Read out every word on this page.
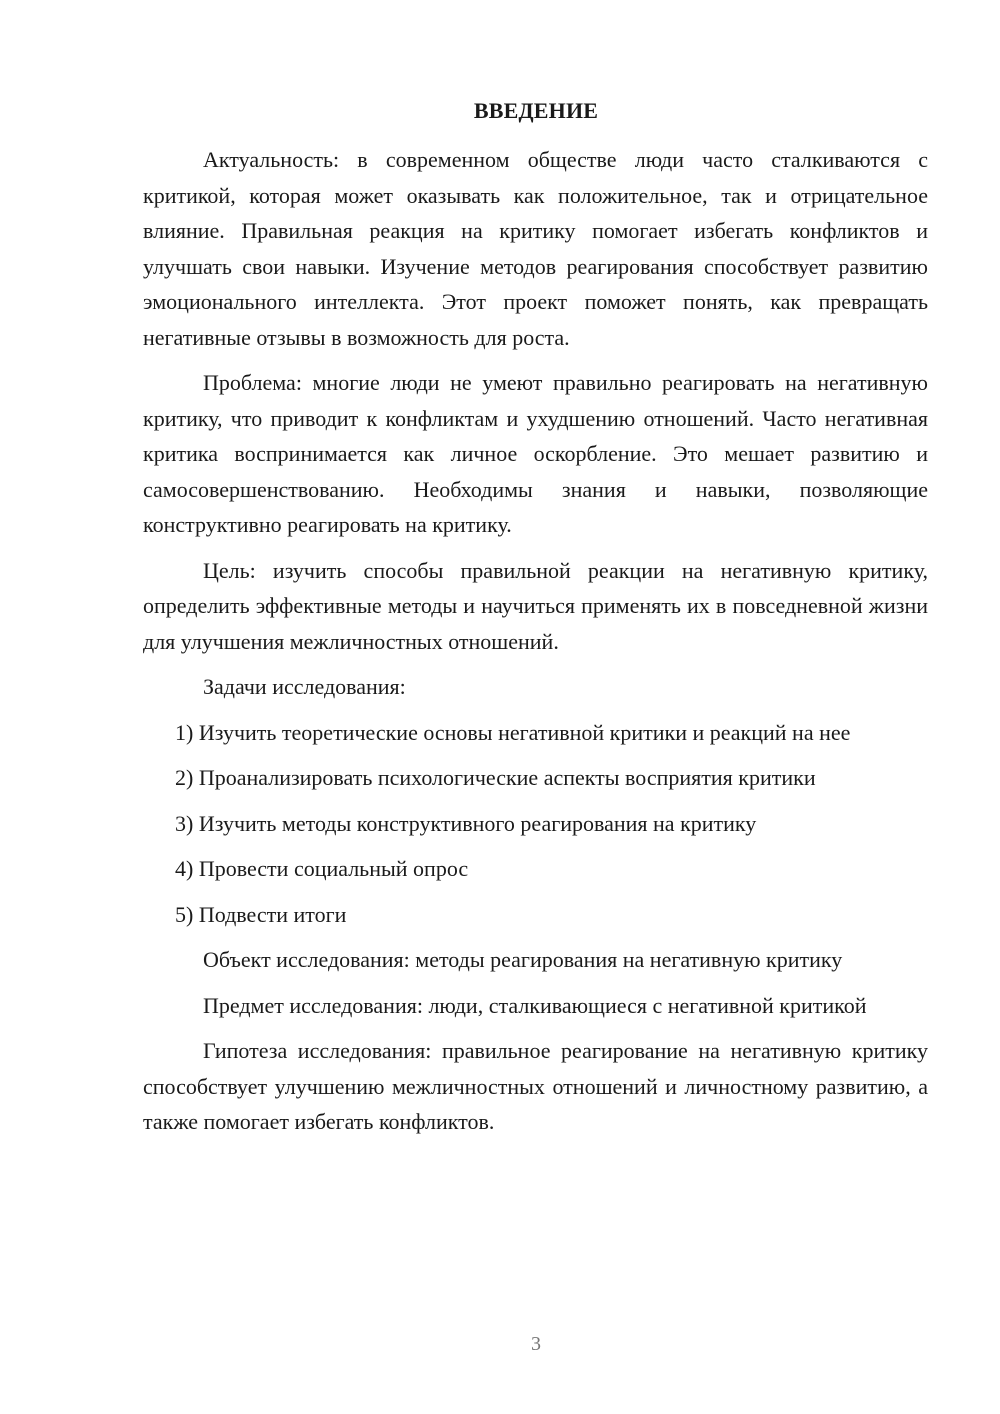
ВВЕДЕНИЕ

Актуальность: в современном обществе люди часто сталкиваются с критикой, которая может оказывать как положительное, так и отрицательное влияние. Правильная реакция на критику помогает избегать конфликтов и улучшать свои навыки. Изучение методов реагирования способствует развитию эмоционального интеллекта. Этот проект поможет понять, как превращать негативные отзывы в возможность для роста.

Проблема: многие люди не умеют правильно реагировать на негативную критику, что приводит к конфликтам и ухудшению отношений. Часто негативная критика воспринимается как личное оскорбление. Это мешает развитию и самосовершенствованию. Необходимы знания и навыки, позволяющие конструктивно реагировать на критику.

Цель: изучить способы правильной реакции на негативную критику, определить эффективные методы и научиться применять их в повседневной жизни для улучшения межличностных отношений.

Задачи исследования:

1) Изучить теоретические основы негативной критики и реакций на нее

2) Проанализировать психологические аспекты восприятия критики

3) Изучить методы конструктивного реагирования на критику

4) Провести социальный опрос

5) Подвести итоги

Объект исследования: методы реагирования на негативную критику

Предмет исследования: люди, сталкивающиеся с негативной критикой

Гипотеза исследования: правильное реагирование на негативную критику способствует улучшению межличностных отношений и личностному развитию, а также помогает избегать конфликтов.

3
